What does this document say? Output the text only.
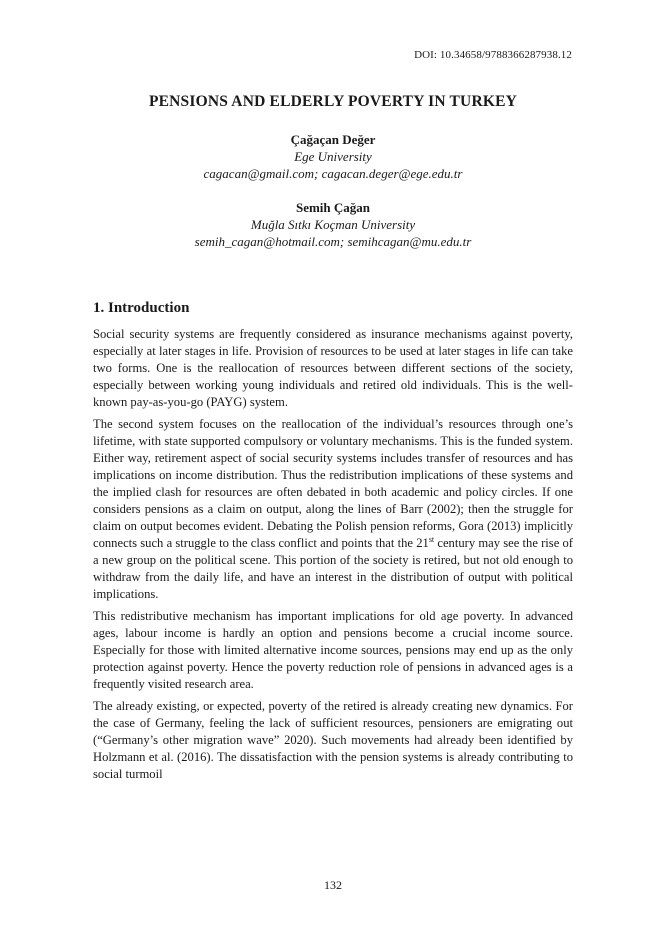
DOI: 10.34658/9788366287938.12
PENSIONS AND ELDERLY POVERTY IN TURKEY
Çağaçan Değer
Ege University
cagacan@gmail.com; cagacan.deger@ege.edu.tr
Semih Çağan
Muğla Sıtkı Koçman University
semih_cagan@hotmail.com; semihcagan@mu.edu.tr
1. Introduction

Social security systems are frequently considered as insurance mechanisms against poverty, especially at later stages in life. Provision of resources to be used at later stages in life can take two forms. One is the reallocation of resources between different sections of the society, especially between working young individuals and retired old individuals. This is the well-known pay-as-you-go (PAYG) system.

The second system focuses on the reallocation of the individual’s resources through one’s lifetime, with state supported compulsory or voluntary mechanisms. This is the funded system. Either way, retirement aspect of social security systems includes transfer of resources and has implications on income distribution. Thus the redistribution implications of these systems and the implied clash for resources are often debated in both academic and policy circles. If one considers pensions as a claim on output, along the lines of Barr (2002); then the struggle for claim on output becomes evident. Debating the Polish pension reforms, Gora (2013) implicitly connects such a struggle to the class conflict and points that the 21st century may see the rise of a new group on the political scene. This portion of the society is retired, but not old enough to withdraw from the daily life, and have an interest in the distribution of output with political implications.

This redistributive mechanism has important implications for old age poverty. In advanced ages, labour income is hardly an option and pensions become a crucial income source. Especially for those with limited alternative income sources, pensions may end up as the only protection against poverty. Hence the poverty reduction role of pensions in advanced ages is a frequently visited research area.

The already existing, or expected, poverty of the retired is already creating new dynamics. For the case of Germany, feeling the lack of sufficient resources, pensioners are emigrating out (“Germany’s other migration wave” 2020). Such movements had already been identified by Holzmann et al. (2016). The dissatisfaction with the pension systems is already contributing to social turmoil

132
